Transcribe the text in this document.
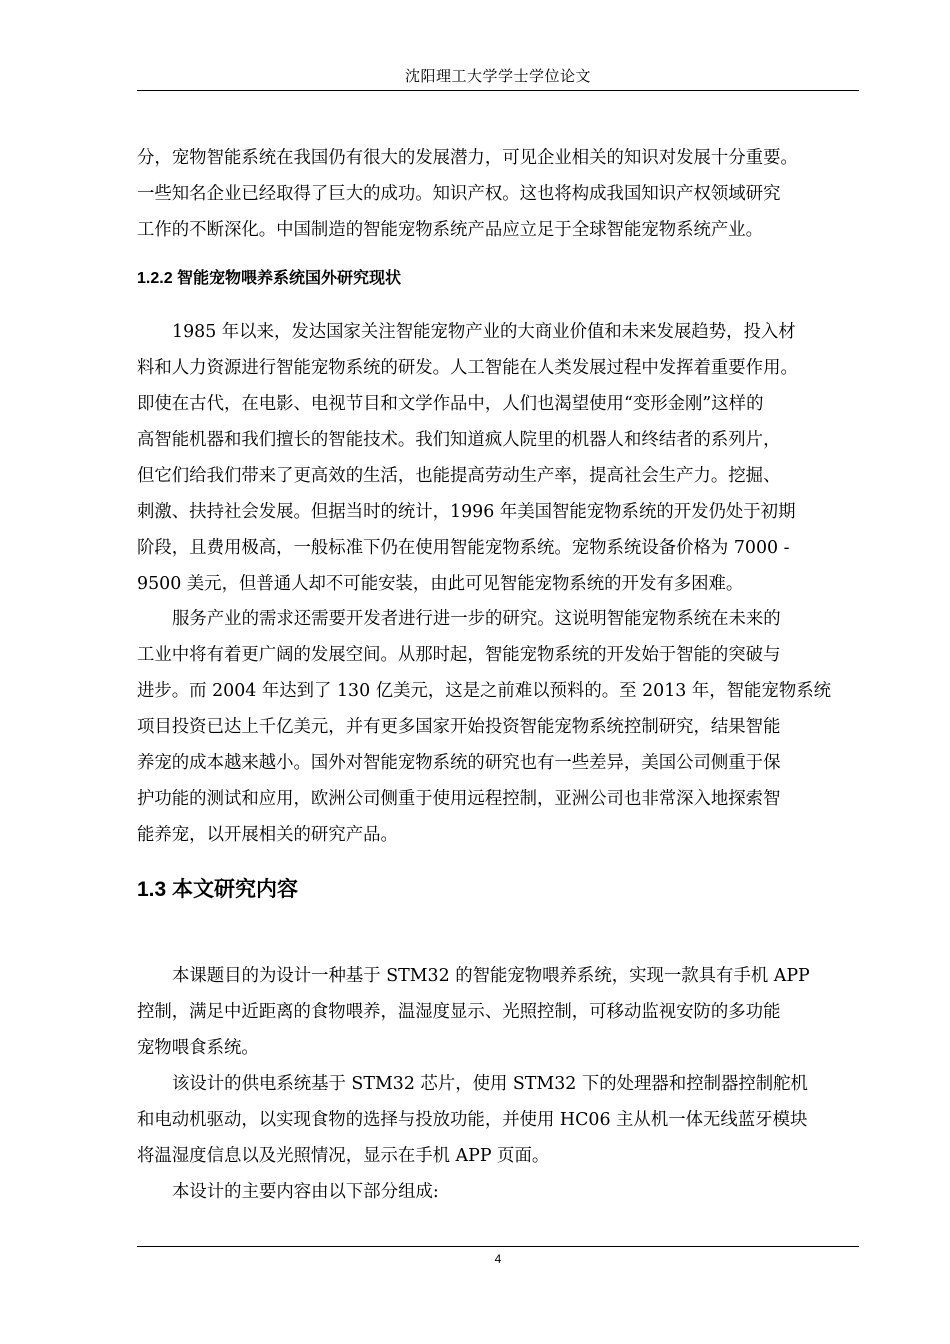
沈阳理工大学学士学位论文
分，宠物智能系统在我国仍有很大的发展潜力，可见企业相关的知识对发展十分重要。
一些知名企业已经取得了巨大的成功。知识产权。这也将构成我国知识产权领域研究
工作的不断深化。中国制造的智能宠物系统产品应立足于全球智能宠物系统产业。
1.2.2 智能宠物喂养系统国外研究现状
1985 年以来，发达国家关注智能宠物产业的大商业价值和未来发展趋势，投入材
料和人力资源进行智能宠物系统的研发。人工智能在人类发展过程中发挥着重要作用。
即使在古代，在电影、电视节目和文学作品中，人们也渴望使用“变形金刚”这样的
高智能机器和我们擅长的智能技术。我们知道疯人院里的机器人和终结者的系列片，
但它们给我们带来了更高效的生活，也能提高劳动生产率，提高社会生产力。挖掘、
刺激、扶持社会发展。但据当时的统计，1996 年美国智能宠物系统的开发仍处于初期
阶段，且费用极高，一般标准下仍在使用智能宠物系统。宠物系统设备价格为 7000 -
9500 美元，但普通人却不可能安装，由此可见智能宠物系统的开发有多困难。
服务产业的需求还需要开发者进行进一步的研究。这说明智能宠物系统在未来的
工业中将有着更广阔的发展空间。从那时起，智能宠物系统的开发始于智能的突破与
进步。而 2004 年达到了 130 亿美元，这是之前难以预料的。至 2013 年，智能宠物系统
项目投资已达上千亿美元，并有更多国家开始投资智能宠物系统控制研究，结果智能
养宠的成本越来越小。国外对智能宠物系统的研究也有一些差异，美国公司侧重于保
护功能的测试和应用，欧洲公司侧重于使用远程控制，亚洲公司也非常深入地探索智
能养宠，以开展相关的研究产品。
1.3 本文研究内容
本课题目的为设计一种基于 STM32 的智能宠物喂养系统，实现一款具有手机 APP
控制，满足中近距离的食物喂养，温湿度显示、光照控制，可移动监视安防的多功能
宠物喂食系统。
该设计的供电系统基于 STM32 芯片，使用 STM32 下的处理器和控制器控制舵机
和电动机驱动，以实现食物的选择与投放功能，并使用 HC06 主从机一体无线蓝牙模块
将温湿度信息以及光照情况，显示在手机 APP 页面。
本设计的主要内容由以下部分组成:
4
